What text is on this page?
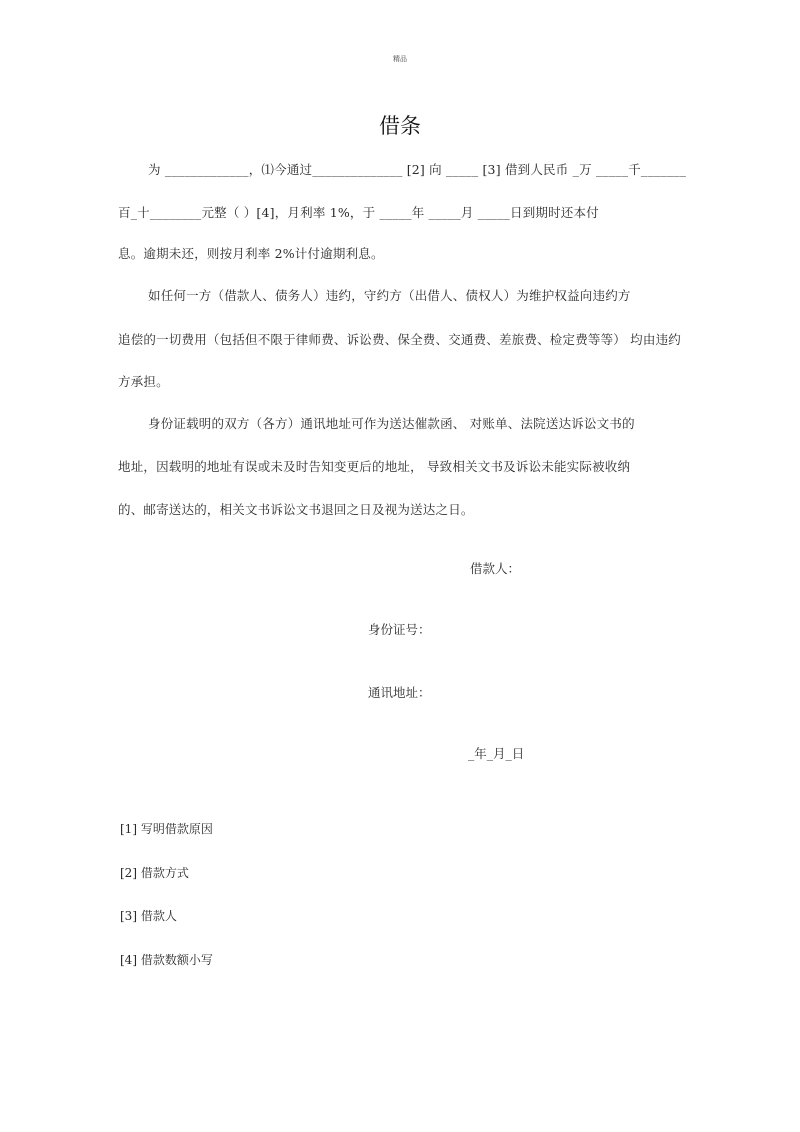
精品
借条
为 _____________，⑴今通过______________ [2] 向 _____ [3] 借到人民币 _万 _____千_______
百_十________元整（ ）[4]，月利率 1%，于 _____年 _____月 _____日到期时还本付
息。逾期未还，则按月利率 2%计付逾期利息。
如任何一方（借款人、债务人）违约，守约方（出借人、债权人）为维护权益向违约方
追偿的一切费用（包括但不限于律师费、诉讼费、保全费、交通费、差旅费、检定费等等） 均由违约
方承担。
身份证载明的双方（各方）通讯地址可作为送达催款函、 对账单、法院送达诉讼文书的
地址，因载明的地址有误或未及时告知变更后的地址， 导致相关文书及诉讼未能实际被收纳
的、邮寄送达的，相关文书诉讼文书退回之日及视为送达之日。
借款人：
身份证号：
通讯地址：
_年_月_日
[1] 写明借款原因
[2] 借款方式
[3] 借款人
[4] 借款数额小写
